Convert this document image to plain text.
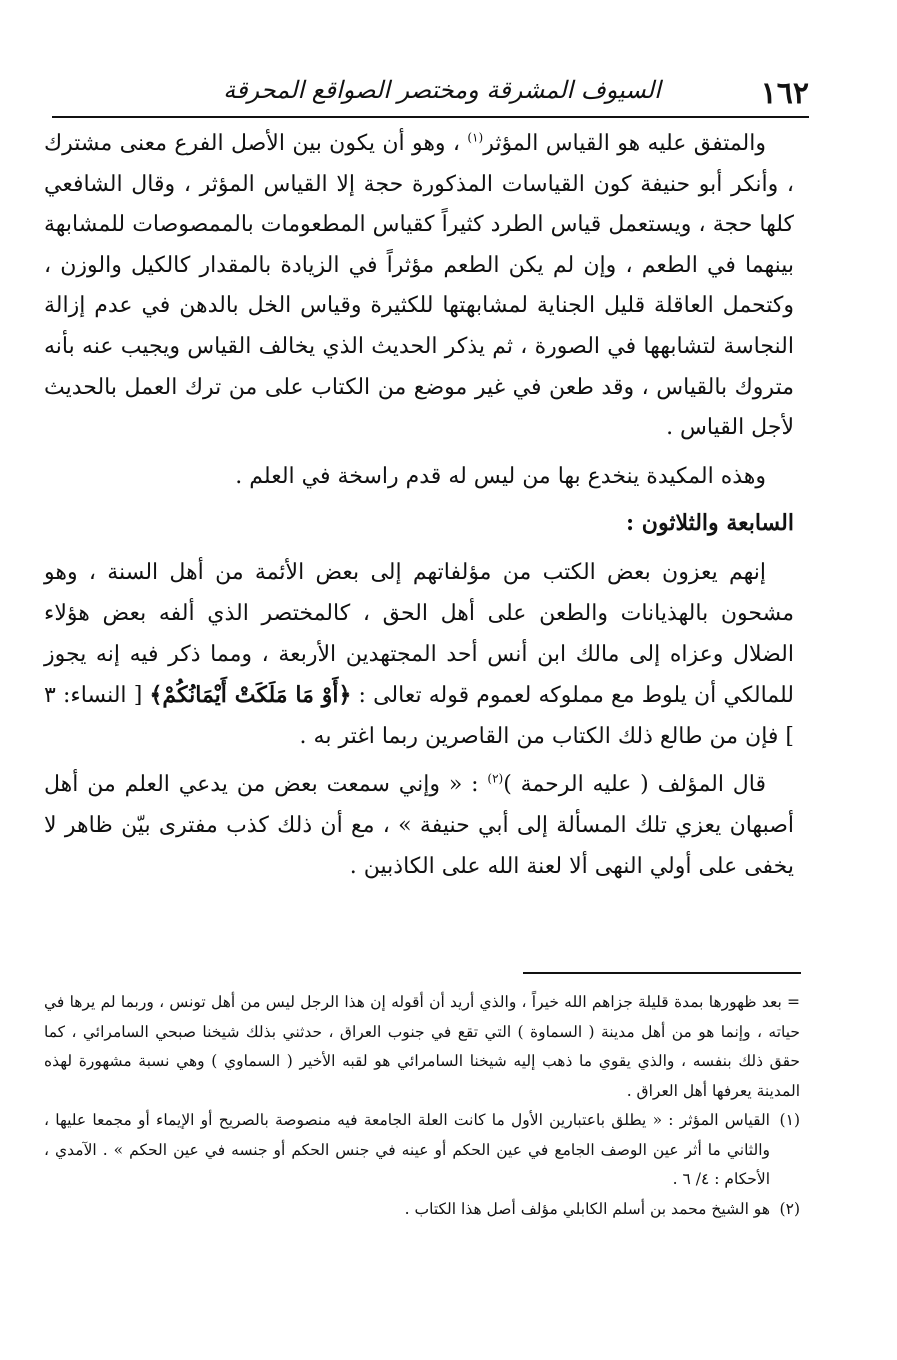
١٦٢
السيوف المشرقة ومختصر الصواقع المحرقة

والمتفق عليه هو القياس المؤثر$^{(١)}$ ، وهو أن يكون بين الأصل الفرع معنى مشترك ، وأنكر أبو حنيفة كون القياسات المذكورة حجة إلا القياس المؤثر ، وقال الشافعي كلها حجة ، ويستعمل قياس الطرد كثيراً كقياس المطعومات بالممصوصات للمشابهة بينهما في الطعم ، وإن لم يكن الطعم مؤثراً في الزيادة بالمقدار كالكيل والوزن ، وكتحمل العاقلة قليل الجناية لمشابهتها للكثيرة وقياس الخل بالدهن في عدم إزالة النجاسة لتشابهها في الصورة ، ثم يذكر الحديث الذي يخالف القياس ويجيب عنه بأنه متروك بالقياس ، وقد طعن في غير موضع من الكتاب على من ترك العمل بالحديث لأجل القياس .

وهذه المكيدة ينخدع بها من ليس له قدم راسخة في العلم .

السابعة والثلاثون :

إنهم يعزون بعض الكتب من مؤلفاتهم إلى بعض الأئمة من أهل السنة ، وهو مشحون بالهذيانات والطعن على أهل الحق ، كالمختصر الذي ألفه بعض هؤلاء الضلال وعزاه إلى مالك ابن أنس أحد المجتهدين الأربعة ، ومما ذكر فيه إنه يجوز للمالكي أن يلوط مع مملوكه لعموم قوله تعالى : ﴿أَوْ مَا مَلَكَتْ أَيْمَانُكُمْ﴾ [ النساء: ٣ ] فإن من طالع ذلك الكتاب من القاصرين ربما اغتر به .

قال المؤلف ( عليه الرحمة )$^{(٢)}$ : « وإني سمعت بعض من يدعي العلم من أهل أصبهان يعزي تلك المسألة إلى أبي حنيفة » ، مع أن ذلك كذب مفترى بيّن ظاهر لا يخفى على أولي النهى ألا لعنة الله على الكاذبين .

= بعد ظهورها بمدة قليلة جزاهم الله خيراً ، والذي أريد أن أقوله إن هذا الرجل ليس من أهل تونس ، وربما لم يرها في حياته ، وإنما هو من أهل مدينة ( السماوة ) التي تقع في جنوب العراق ، حدثني بذلك شيخنا صبحي السامرائي ، كما حقق ذلك بنفسه ، والذي يقوي ما ذهب إليه شيخنا السامرائي هو لقبه الأخير ( السماوي ) وهي نسبة مشهورة لهذه المدينة يعرفها أهل العراق .

(١)القياس المؤثر : « يطلق باعتبارين الأول ما كانت العلة الجامعة فيه منصوصة بالصريح أو الإيماء أو مجمعا عليها ، والثاني ما أثر عين الوصف الجامع في عين الحكم أو عينه في جنس الحكم أو جنسه في عين الحكم » . الآمدي ، الأحكام : ٤/ ٦ .

(٢)هو الشيخ محمد بن أسلم الكابلي مؤلف أصل هذا الكتاب .
